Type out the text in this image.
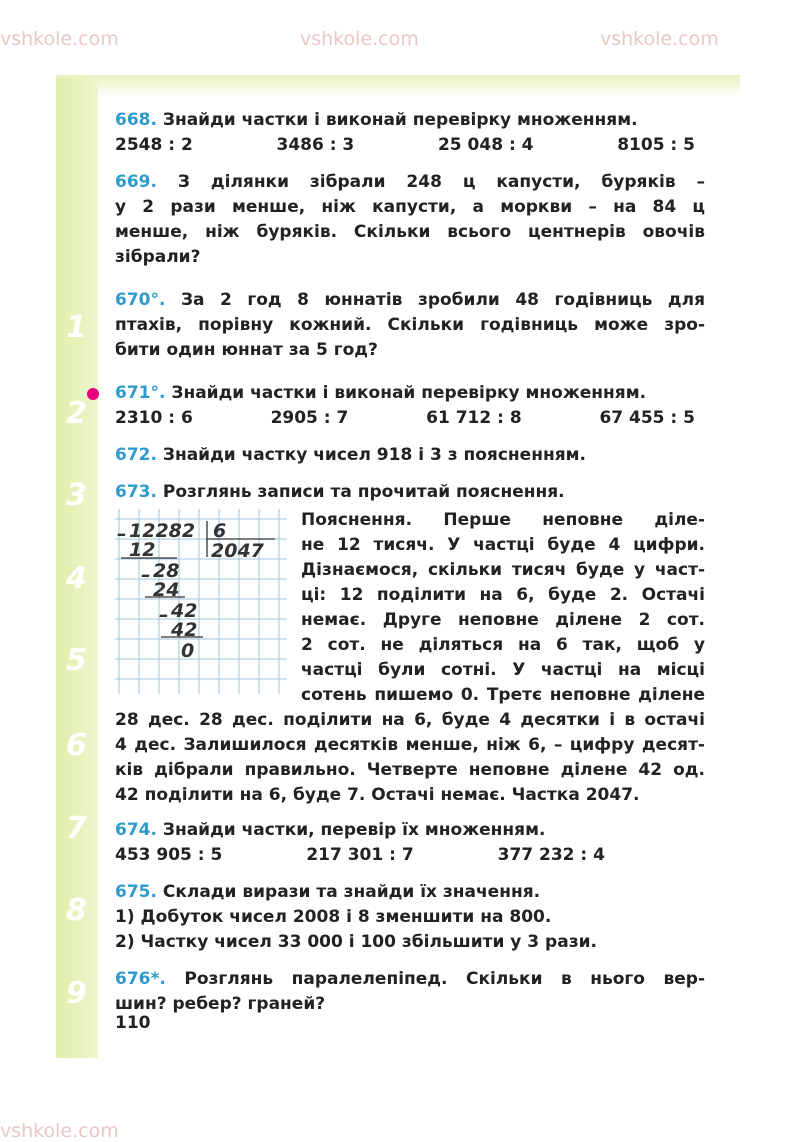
vshkole.com	vshkole.com	vshkole.com
vshkole.com
1
2
3
4
5
6
7
8
9
668. Знайди частки і виконай перевірку множенням.
2548 : 2	3486 : 3	25 048 : 4	8105 : 5
669. З ділянки зібрали 248 ц капусти, буряків –
у 2 рази менше, ніж капусти, а моркви – на 84 ц
менше, ніж буряків. Скільки всього центнерів овочів
зібрали?
670°. За 2 год 8 юннатів зробили 48 годівниць для
птахів, порівну кожний. Скільки годівниць може зро-
бити один юннат за 5 год?
671°. Знайди частки і виконай перевірку множенням.
2310 : 6	2905 : 7	61 712 : 8	67 455 : 5
672. Знайди частку чисел 918 і 3 з поясненням.
673. Розглянь записи та прочитай пояснення.
– 12282 6
12	2047
– 28
24
– 42
42
0
Пояснення. Перше неповне діле-
не 12 тисяч. У частці буде 4 цифри.
Дізнаємося, скільки тисяч буде у част-
ці: 12 поділити на 6, буде 2. Остачі
немає. Друге неповне ділене 2 сот.
2 сот. не діляться на 6 так, щоб у
частці були сотні. У частці на місці
сотень пишемо 0. Третє неповне ділене
28 дес. 28 дес. поділити на 6, буде 4 десятки і в остачі
4 дес. Залишилося десятків менше, ніж 6, – цифру десят-
ків дібрали правильно. Четверте неповне ділене 42 од.
42 поділити на 6, буде 7. Остачі немає. Частка 2047.
674. Знайди частки, перевір їх множенням.
453 905 : 5	217 301 : 7	377 232 : 4
675. Склади вирази та знайди їх значення.
1) Добуток чисел 2008 і 8 зменшити на 800.
2) Частку чисел 33 000 і 100 збільшити у 3 рази.
676*. Розглянь паралелепіпед. Скільки в нього вер-
шин? ребер? граней?
110
